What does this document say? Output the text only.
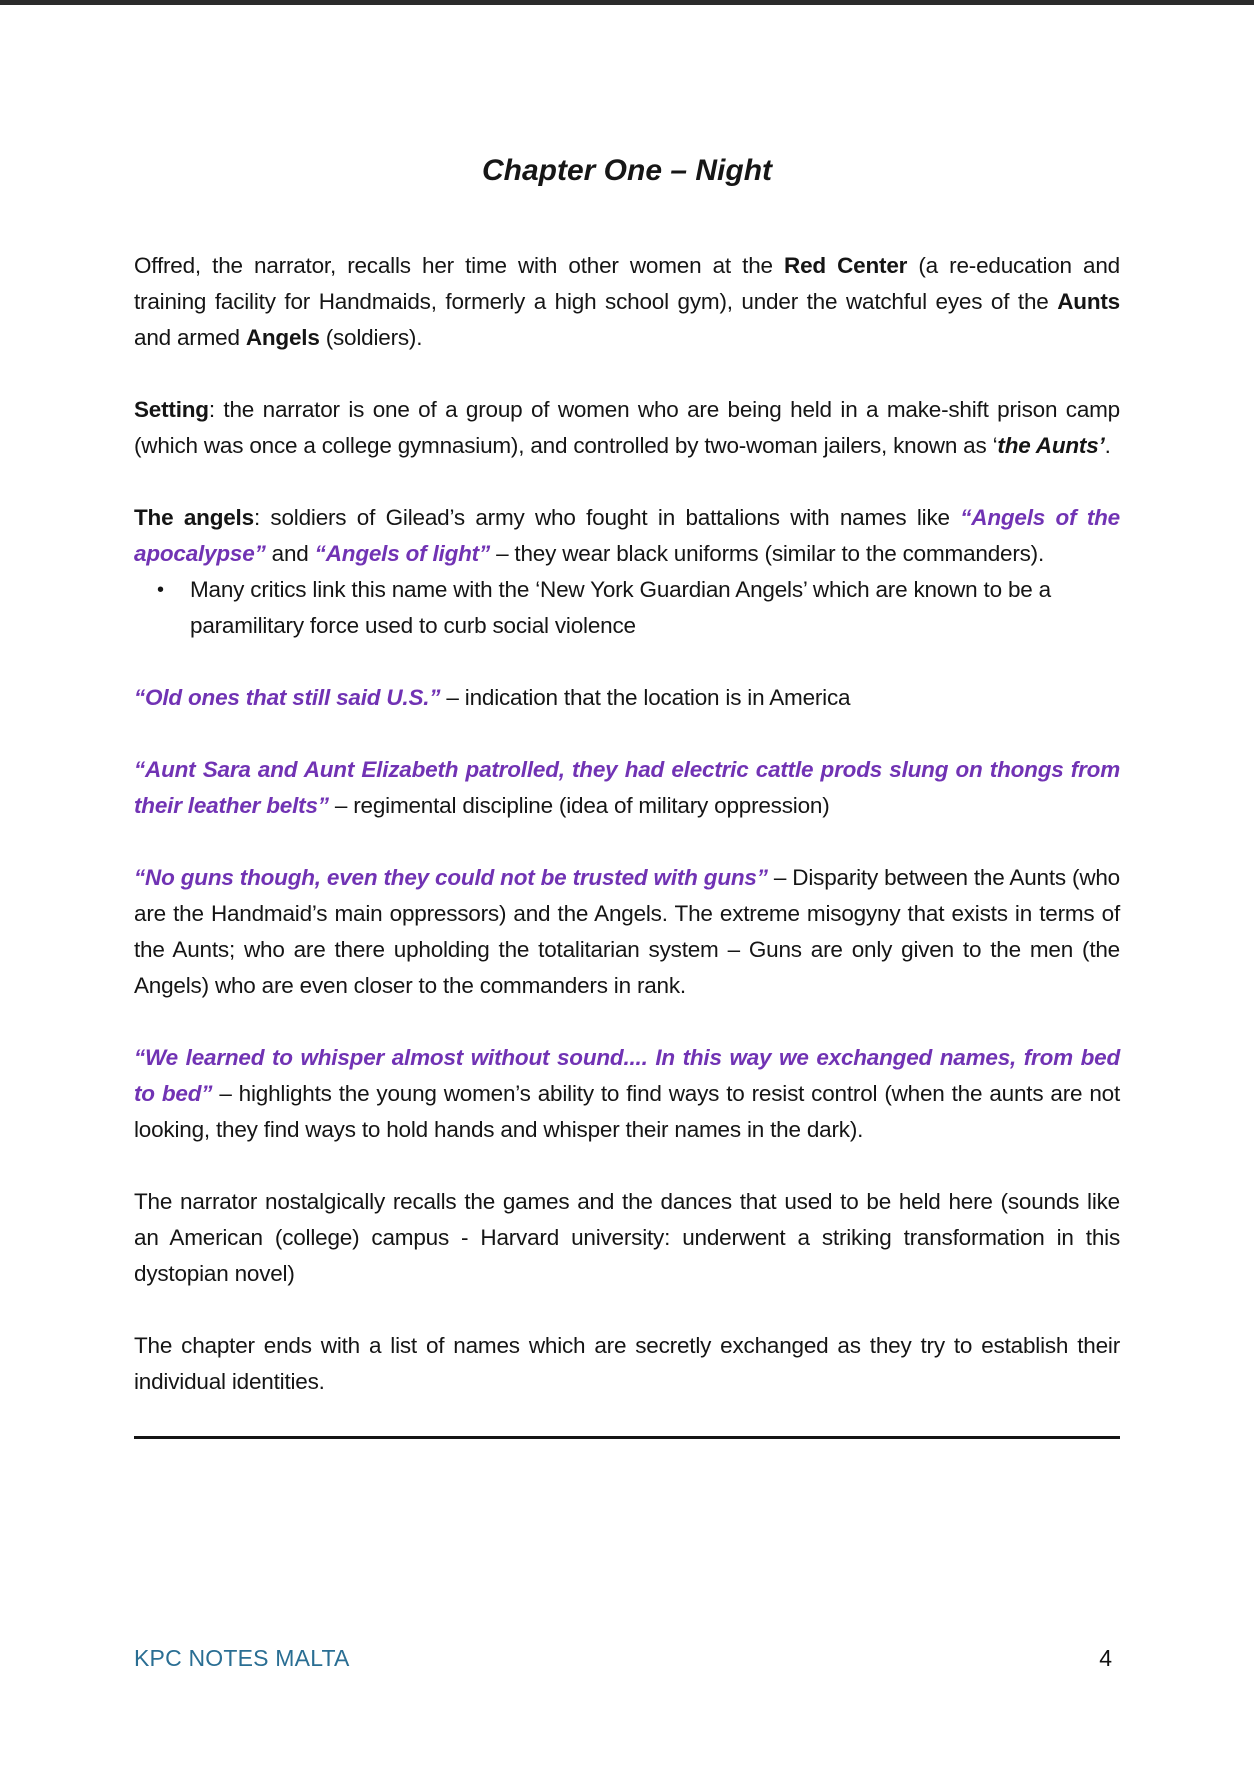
Chapter One – Night

Offred, the narrator, recalls her time with other women at the Red Center (a re-education and training facility for Handmaids, formerly a high school gym), under the watchful eyes of the Aunts and armed Angels (soldiers).

Setting: the narrator is one of a group of women who are being held in a make-shift prison camp (which was once a college gymnasium), and controlled by two-woman jailers, known as ‘the Aunts’.

The angels: soldiers of Gilead’s army who fought in battalions with names like “Angels of the apocalypse” and “Angels of light” – they wear black uniforms (similar to the commanders).

•	Many critics link this name with the ‘New York Guardian Angels’ which are known to be a paramilitary force used to curb social violence

“Old ones that still said U.S.” – indication that the location is in America

“Aunt Sara and Aunt Elizabeth patrolled, they had electric cattle prods slung on thongs from their leather belts” – regimental discipline (idea of military oppression)

“No guns though, even they could not be trusted with guns” – Disparity between the Aunts (who are the Handmaid’s main oppressors) and the Angels. The extreme misogyny that exists in terms of the Aunts; who are there upholding the totalitarian system – Guns are only given to the men (the Angels) who are even closer to the commanders in rank.

“We learned to whisper almost without sound.... In this way we exchanged names, from bed to bed” – highlights the young women’s ability to find ways to resist control (when the aunts are not looking, they find ways to hold hands and whisper their names in the dark).

The narrator nostalgically recalls the games and the dances that used to be held here (sounds like an American (college) campus - Harvard university: underwent a striking transformation in this dystopian novel)

The chapter ends with a list of names which are secretly exchanged as they try to establish their individual identities.

KPC NOTES MALTA	4
